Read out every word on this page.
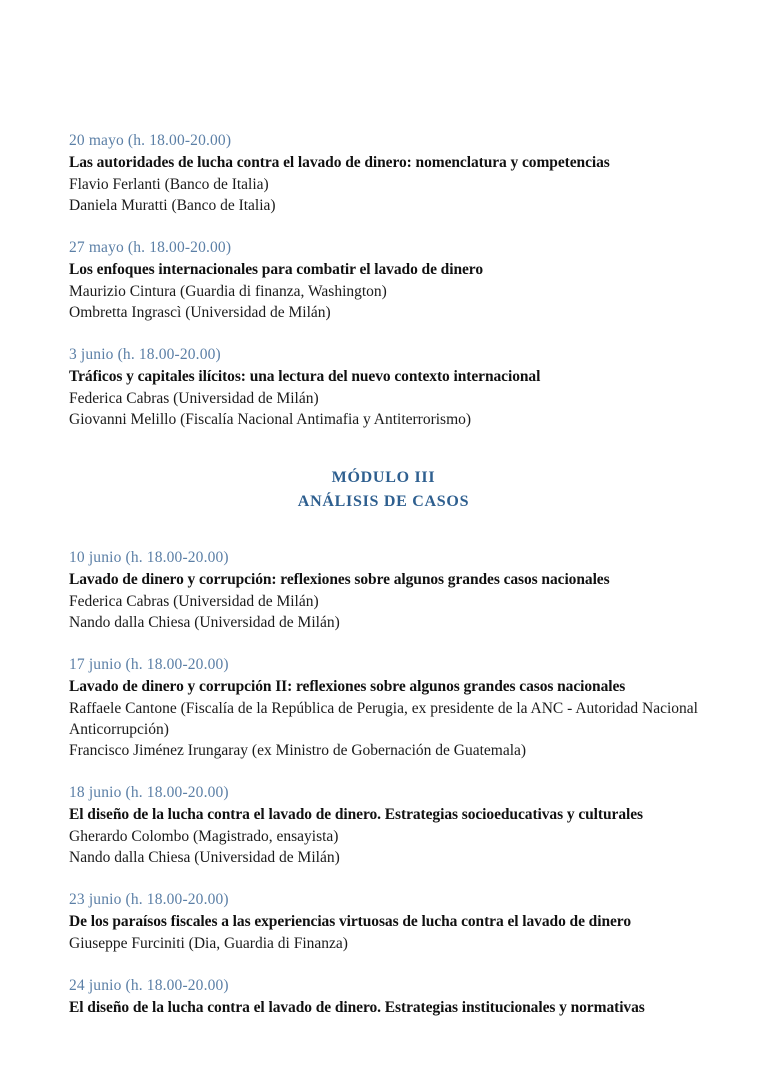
20 mayo (h. 18.00-20.00)

Las autoridades de lucha contra el lavado de dinero: nomenclatura y competencias

Flavio Ferlanti (Banco de Italia)

Daniela Muratti (Banco de Italia)

27 mayo (h. 18.00-20.00)

Los enfoques internacionales para combatir el lavado de dinero

Maurizio Cintura (Guardia di finanza, Washington)

Ombretta Ingrascì (Universidad de Milán)

3 junio (h. 18.00-20.00)

Tráficos y capitales ilícitos: una lectura del nuevo contexto internacional

Federica Cabras (Universidad de Milán)

Giovanni Melillo (Fiscalía Nacional Antimafia y Antiterrorismo)

MÓDULO III

ANÁLISIS DE CASOS

10 junio (h. 18.00-20.00)

Lavado de dinero y corrupción: reflexiones sobre algunos grandes casos nacionales

Federica Cabras (Universidad de Milán)

Nando dalla Chiesa (Universidad de Milán)

17 junio (h. 18.00-20.00)

Lavado de dinero y corrupción II: reflexiones sobre algunos grandes casos nacionales

Raffaele Cantone (Fiscalía de la República de Perugia, ex presidente de la ANC - Autoridad Nacional Anticorrupción)

Francisco Jiménez Irungaray (ex Ministro de Gobernación de Guatemala)

18 junio (h. 18.00-20.00)

El diseño de la lucha contra el lavado de dinero. Estrategias socioeducativas y culturales

Gherardo Colombo (Magistrado, ensayista)

Nando dalla Chiesa (Universidad de Milán)

23 junio (h. 18.00-20.00)

De los paraísos fiscales a las experiencias virtuosas de lucha contra el lavado de dinero

Giuseppe Furciniti (Dia, Guardia di Finanza)

24 junio (h. 18.00-20.00)

El diseño de la lucha contra el lavado de dinero. Estrategias institucionales y normativas
